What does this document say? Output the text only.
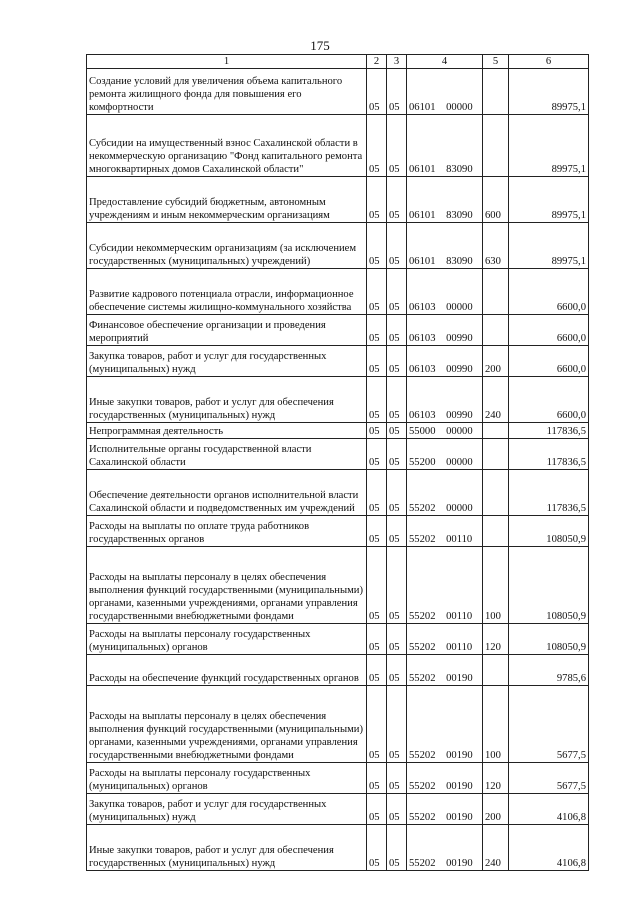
175
1	2	3	4	5	6
Создание условий для увеличения объема капитального ремонта жилищного фонда для повышения его комфортности	05	05	06101 00000		89975,1
Субсидии на имущественный взнос Сахалинской области в некоммерческую организацию "Фонд капитального ремонта многоквартирных домов Сахалинской области"	05	05	06101 83090		89975,1
Предоставление субсидий бюджетным, автономным учреждениям и иным некоммерческим организациям	05	05	06101 83090	600	89975,1
Субсидии некоммерческим организациям (за исключением государственных (муниципальных) учреждений)	05	05	06101 83090	630	89975,1
Развитие кадрового потенциала отрасли, информационное обеспечение системы жилищно-коммунального хозяйства	05	05	06103 00000		6600,0
Финансовое обеспечение организации и проведения мероприятий	05	05	06103 00990		6600,0
Закупка товаров, работ и услуг для государственных (муниципальных) нужд	05	05	06103 00990	200	6600,0
Иные закупки товаров, работ и услуг для обеспечения государственных (муниципальных) нужд	05	05	06103 00990	240	6600,0
Непрограммная деятельность	05	05	55000 00000		117836,5
Исполнительные органы государственной власти Сахалинской области	05	05	55200 00000		117836,5
Обеспечение деятельности органов исполнительной власти Сахалинской области и подведомственных им учреждений	05	05	55202 00000		117836,5
Расходы на выплаты по оплате труда работников государственных органов	05	05	55202 00110		108050,9
Расходы на выплаты персоналу в целях обеспечения выполнения функций государственными (муниципальными) органами, казенными учреждениями, органами управления государственными внебюджетными фондами	05	05	55202 00110	100	108050,9
Расходы на выплаты персоналу государственных (муниципальных) органов	05	05	55202 00110	120	108050,9
Расходы на обеспечение функций государственных органов	05	05	55202 00190		9785,6
Расходы на выплаты персоналу в целях обеспечения выполнения функций государственными (муниципальными) органами, казенными учреждениями, органами управления государственными внебюджетными фондами	05	05	55202 00190	100	5677,5
Расходы на выплаты персоналу государственных (муниципальных) органов	05	05	55202 00190	120	5677,5
Закупка товаров, работ и услуг для государственных (муниципальных) нужд	05	05	55202 00190	200	4106,8
Иные закупки товаров, работ и услуг для обеспечения государственных (муниципальных) нужд	05	05	55202 00190	240	4106,8
